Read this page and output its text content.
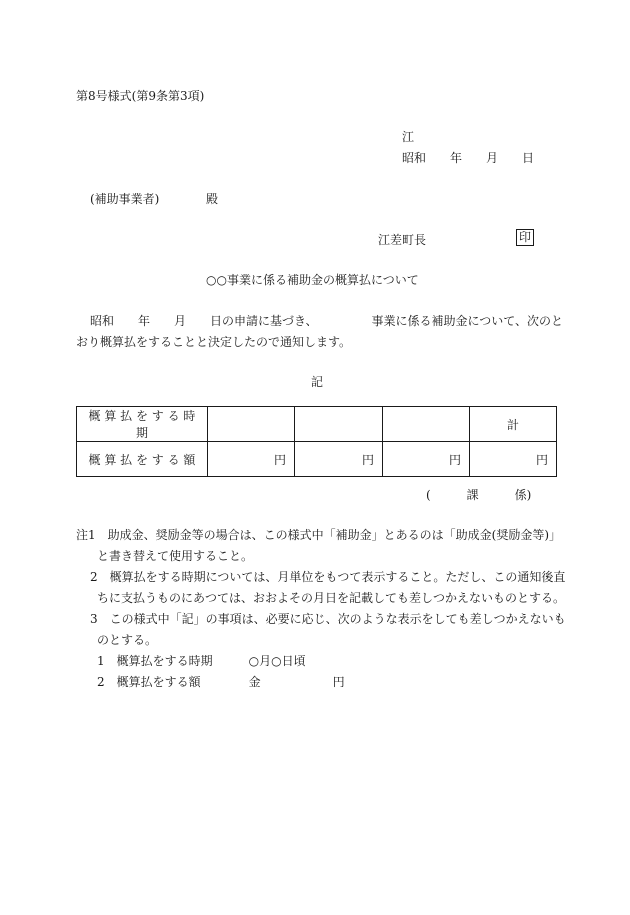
第8号様式(第9条第3項)
江
昭和　　年　　月　　日
(補助事業者)	殿
江差町長	印
○○事業に係る補助金の概算払について
昭和　　年　　月　　日の申請に基づき、　　　　　事業に係る補助金について、次のと
おり概算払をすることと決定したので通知します。
記
概 算 払 を す る 時 期				計
概 算 払 を す る 額	円	円	円	円
(　　　課　　　係)
注1　助成金、奨励金等の場合は、この様式中「補助金」とあるのは「助成金(奨励金等)」
と書き替えて使用すること。
2　概算払をする時期については、月単位をもつて表示すること。ただし、この通知後直
ちに支払うものにあつては、おおよその月日を記載しても差しつかえないものとする。
3　この様式中「記」の事項は、必要に応じ、次のような表示をしても差しつかえないも
のとする。
1　概算払をする時期　　　○月○日頃
2　概算払をする額　　　　金　　　　　　円
